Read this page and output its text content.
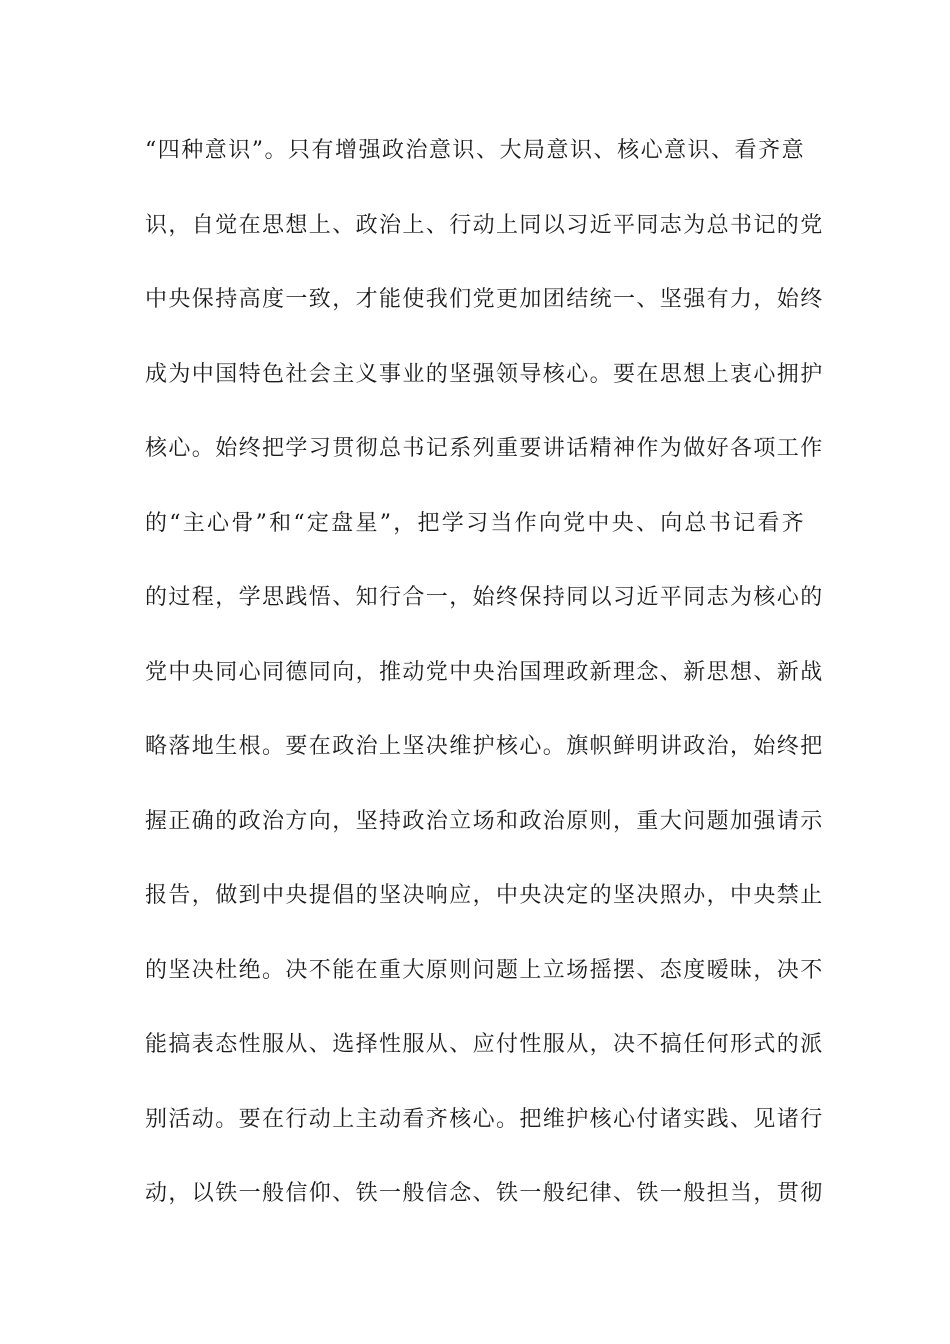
“四种意识”。只有增强政治意识、大局意识、核心意识、看齐意
识，自觉在思想上、政治上、行动上同以习近平同志为总书记的党
中央保持高度一致，才能使我们党更加团结统一、坚强有力，始终
成为中国特色社会主义事业的坚强领导核心。要在思想上衷心拥护
核心。始终把学习贯彻总书记系列重要讲话精神作为做好各项工作
的“主心骨”和“定盘星”，把学习当作向党中央、向总书记看齐
的过程，学思践悟、知行合一，始终保持同以习近平同志为核心的
党中央同心同德同向，推动党中央治国理政新理念、新思想、新战
略落地生根。要在政治上坚决维护核心。旗帜鲜明讲政治，始终把
握正确的政治方向，坚持政治立场和政治原则，重大问题加强请示
报告，做到中央提倡的坚决响应，中央决定的坚决照办，中央禁止
的坚决杜绝。决不能在重大原则问题上立场摇摆、态度暧昧，决不
能搞表态性服从、选择性服从、应付性服从，决不搞任何形式的派
别活动。要在行动上主动看齐核心。把维护核心付诸实践、见诸行
动，以铁一般信仰、铁一般信念、铁一般纪律、铁一般担当，贯彻
